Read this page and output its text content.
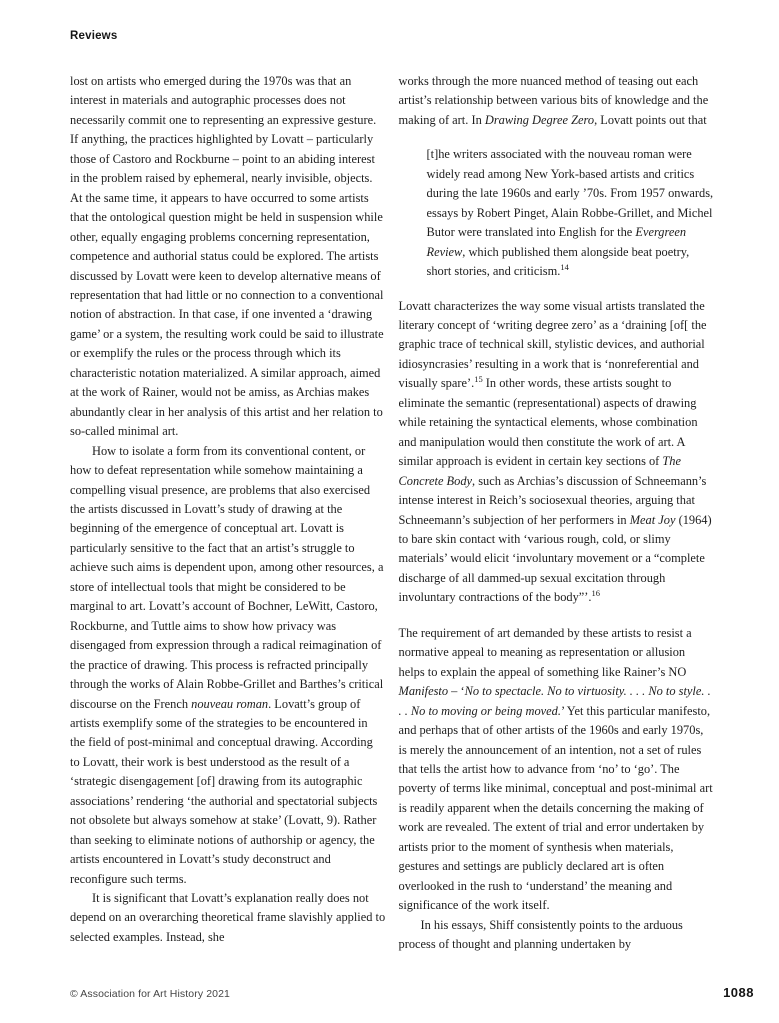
Reviews

lost on artists who emerged during the 1970s was that an interest in materials and autographic processes does not necessarily commit one to representing an expressive gesture. If anything, the practices highlighted by Lovatt – particularly those of Castoro and Rockburne – point to an abiding interest in the problem raised by ephemeral, nearly invisible, objects. At the same time, it appears to have occurred to some artists that the ontological question might be held in suspension while other, equally engaging problems concerning representation, competence and authorial status could be explored. The artists discussed by Lovatt were keen to develop alternative means of representation that had little or no connection to a conventional notion of abstraction. In that case, if one invented a ‘drawing game’ or a system, the resulting work could be said to illustrate or exemplify the rules or the process through which its characteristic notation materialized. A similar approach, aimed at the work of Rainer, would not be amiss, as Archias makes abundantly clear in her analysis of this artist and her relation to so-called minimal art.

How to isolate a form from its conventional content, or how to defeat representation while somehow maintaining a compelling visual presence, are problems that also exercised the artists discussed in Lovatt’s study of drawing at the beginning of the emergence of conceptual art. Lovatt is particularly sensitive to the fact that an artist’s struggle to achieve such aims is dependent upon, among other resources, a store of intellectual tools that might be considered to be marginal to art. Lovatt’s account of Bochner, LeWitt, Castoro, Rockburne, and Tuttle aims to show how privacy was disengaged from expression through a radical reimagination of the practice of drawing. This process is refracted principally through the works of Alain Robbe-Grillet and Barthes’s critical discourse on the French nouveau roman. Lovatt’s group of artists exemplify some of the strategies to be encountered in the field of post-minimal and conceptual drawing. According to Lovatt, their work is best understood as the result of a ‘strategic disengagement [of] drawing from its autographic associations’ rendering ‘the authorial and spectatorial subjects not obsolete but always somehow at stake’ (Lovatt, 9). Rather than seeking to eliminate notions of authorship or agency, the artists encountered in Lovatt’s study deconstruct and reconfigure such terms.

It is significant that Lovatt’s explanation really does not depend on an overarching theoretical frame slavishly applied to selected examples. Instead, she

works through the more nuanced method of teasing out each artist’s relationship between various bits of knowledge and the making of art. In Drawing Degree Zero, Lovatt points out that

[t]he writers associated with the nouveau roman were widely read among New York-based artists and critics during the late 1960s and early ’70s. From 1957 onwards, essays by Robert Pinget, Alain Robbe-Grillet, and Michel Butor were translated into English for the Evergreen Review, which published them alongside beat poetry, short stories, and criticism.$^{14}$

Lovatt characterizes the way some visual artists translated the literary concept of ‘writing degree zero’ as a ‘draining [of[ the graphic trace of technical skill, stylistic devices, and authorial idiosyncrasies’ resulting in a work that is ‘nonreferential and visually spare’.$^{15}$ In other words, these artists sought to eliminate the semantic (representational) aspects of drawing while retaining the syntactical elements, whose combination and manipulation would then constitute the work of art. A similar approach is evident in certain key sections of The Concrete Body, such as Archias’s discussion of Schneemann’s intense interest in Reich’s sociosexual theories, arguing that Schneemann’s subjection of her performers in Meat Joy (1964) to bare skin contact with ‘various rough, cold, or slimy materials’ would elicit ‘involuntary movement or a “complete discharge of all dammed-up sexual excitation through involuntary contractions of the body”’.$^{16}$

The requirement of art demanded by these artists to resist a normative appeal to meaning as representation or allusion helps to explain the appeal of something like Rainer’s NO Manifesto – ‘No to spectacle. No to virtuosity. . . . No to style. . . . No to moving or being moved.’ Yet this particular manifesto, and perhaps that of other artists of the 1960s and early 1970s, is merely the announcement of an intention, not a set of rules that tells the artist how to advance from ‘no’ to ‘go’. The poverty of terms like minimal, conceptual and post-minimal art is readily apparent when the details concerning the making of work are revealed. The extent of trial and error undertaken by artists prior to the moment of synthesis when materials, gestures and settings are publicly declared art is often overlooked in the rush to ‘understand’ the meaning and significance of the work itself.

In his essays, Shiff consistently points to the arduous process of thought and planning undertaken by

© Association for Art History 2021	1088
